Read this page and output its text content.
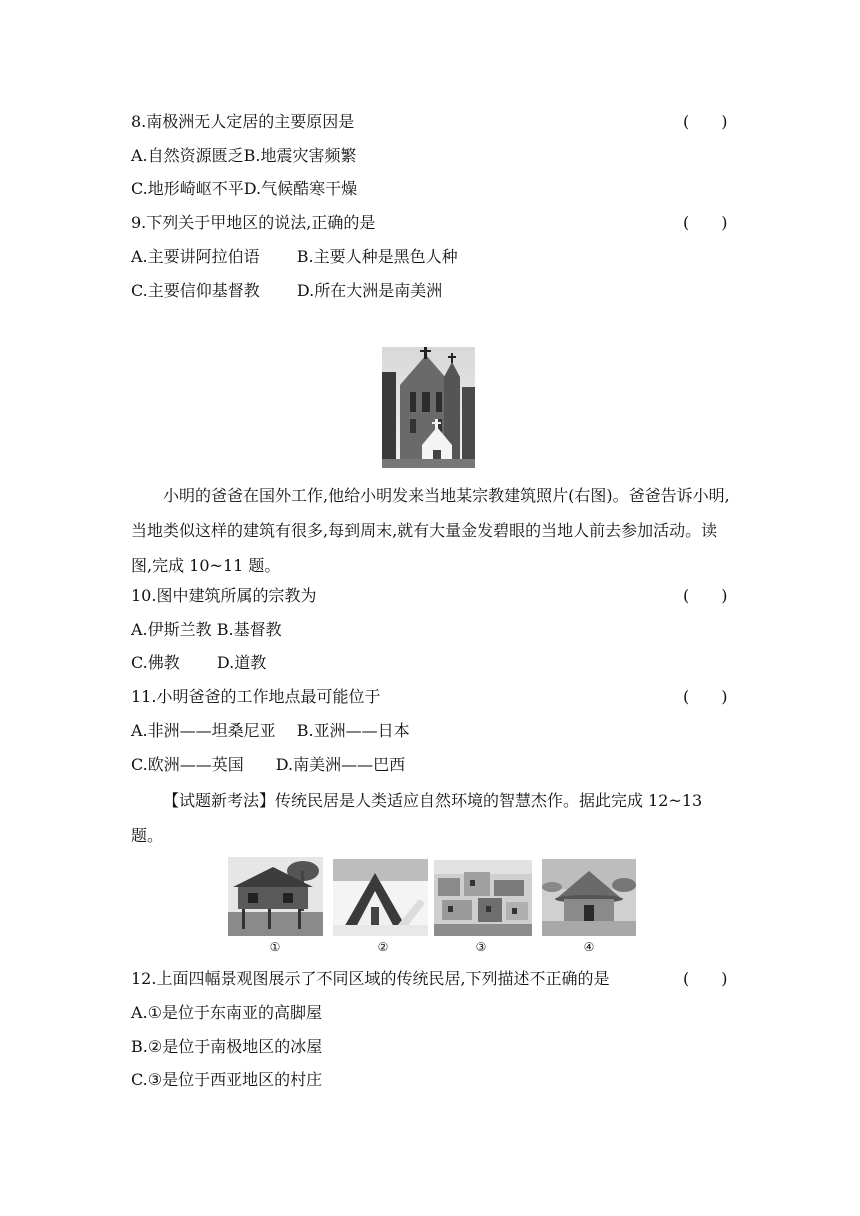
8.南极洲无人定居的主要原因是	(　　)
A.自然资源匮乏B.地震灾害频繁
C.地形崎岖不平D.气候酷寒干燥
9.下列关于甲地区的说法,正确的是	(　　)
A.主要讲阿拉伯语　　 B.主要人种是黑色人种
C.主要信仰基督教　　 D.所在大洲是南美洲
小明的爸爸在国外工作,他给小明发来当地某宗教建筑照片(右图)。爸爸告诉小明,当地类似这样的建筑有很多,每到周末,就有大量金发碧眼的当地人前去参加活动。读图,完成 10~11 题。
10.图中建筑所属的宗教为	(　　)
A.伊斯兰教 B.基督教
C.佛教　　 D.道教
11.小明爸爸的工作地点最可能位于	(　　)
A.非洲——坦桑尼亚　 B.亚洲——日本
C.欧洲——英国　　D.南美洲——巴西
【试题新考法】传统民居是人类适应自然环境的智慧杰作。据此完成 12~13 题。
①	②	③	④
12.上面四幅景观图展示了不同区域的传统民居,下列描述不正确的是	(　　)
A.①是位于东南亚的高脚屋
B.②是位于南极地区的冰屋
C.③是位于西亚地区的村庄
